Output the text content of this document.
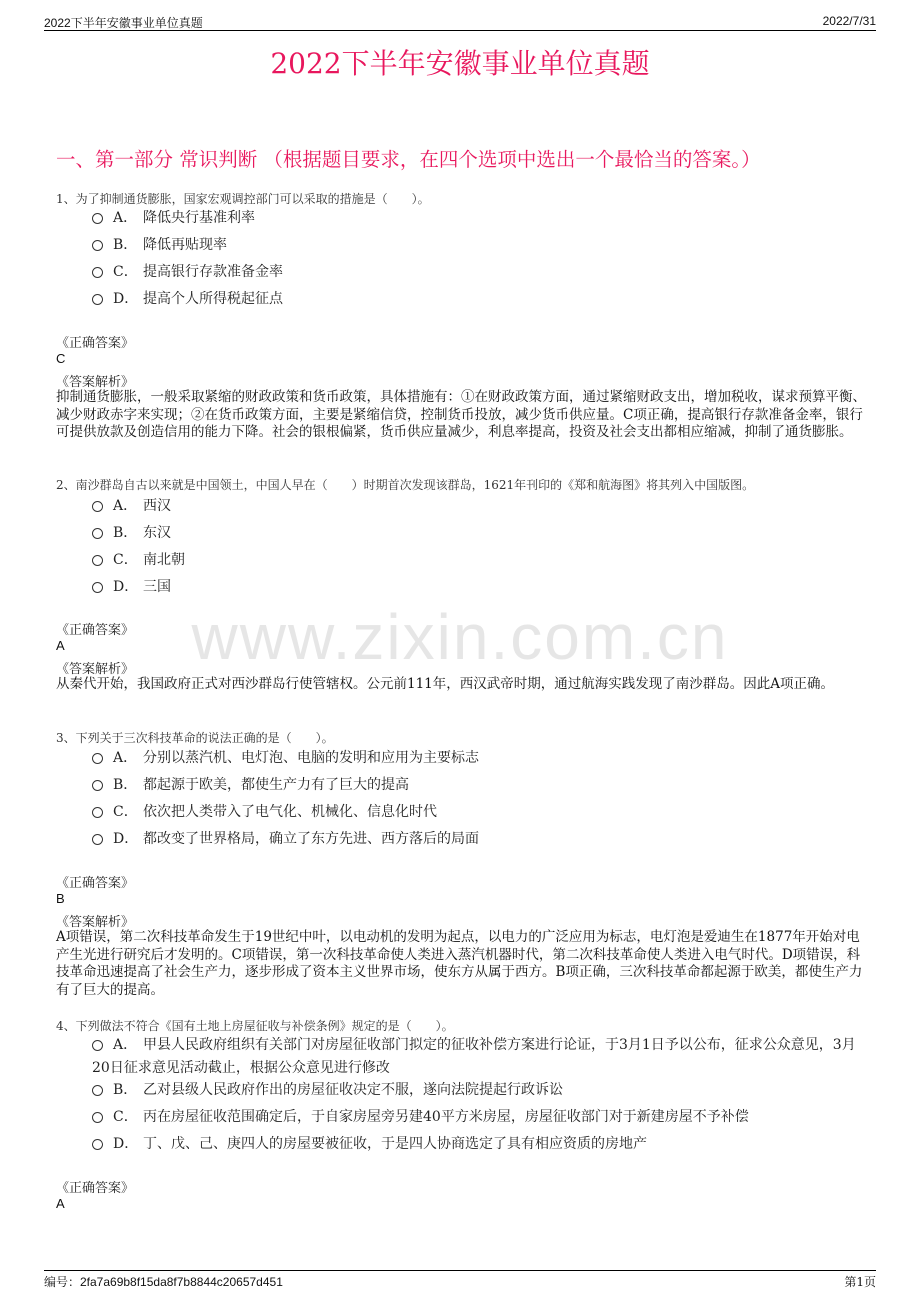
2022下半年安徽事业单位真题	2022/7/31
www.zixin.com.cn
2022下半年安徽事业单位真题
一、第一部分 常识判断 （根据题目要求，在四个选项中选出一个最恰当的答案。）
1、为了抑制通货膨胀，国家宏观调控部门可以采取的措施是（　　）。
A． 降低央行基准利率
B． 降低再贴现率
C． 提高银行存款准备金率
D． 提高个人所得税起征点
《正确答案》
C
《答案解析》
抑制通货膨胀，一般采取紧缩的财政政策和货币政策，具体措施有：①在财政政策方面，通过紧缩财政支出，增加税收，谋求预算平衡、减少财政赤字来实现；②在货币政策方面，主要是紧缩信贷，控制货币投放，减少货币供应量。C项正确，提高银行存款准备金率，银行可提供放款及创造信用的能力下降。社会的银根偏紧，货币供应量减少，利息率提高，投资及社会支出都相应缩减，抑制了通货膨胀。
2、南沙群岛自古以来就是中国领土，中国人早在（　　）时期首次发现该群岛，1621年刊印的《郑和航海图》将其列入中国版图。
A． 西汉
B． 东汉
C． 南北朝
D． 三国
《正确答案》
A
《答案解析》
从秦代开始，我国政府正式对西沙群岛行使管辖权。公元前111年，西汉武帝时期，通过航海实践发现了南沙群岛。因此A项正确。
3、下列关于三次科技革命的说法正确的是（　　）。
A． 分别以蒸汽机、电灯泡、电脑的发明和应用为主要标志
B． 都起源于欧美，都使生产力有了巨大的提高
C． 依次把人类带入了电气化、机械化、信息化时代
D． 都改变了世界格局，确立了东方先进、西方落后的局面
《正确答案》
B
《答案解析》
A项错误，第二次科技革命发生于19世纪中叶，以电动机的发明为起点，以电力的广泛应用为标志，电灯泡是爱迪生在1877年开始对电产生光进行研究后才发明的。C项错误，第一次科技革命使人类进入蒸汽机器时代，第二次科技革命使人类进入电气时代。D项错误，科技革命迅速提高了社会生产力，逐步形成了资本主义世界市场，使东方从属于西方。B项正确，三次科技革命都起源于欧美，都使生产力有了巨大的提高。
4、下列做法不符合《国有土地上房屋征收与补偿条例》规定的是（　　）。
A． 甲县人民政府组织有关部门对房屋征收部门拟定的征收补偿方案进行论证，于3月1日予以公布，征求公众意见，3月20日征求意见活动截止，根据公众意见进行修改
B． 乙对县级人民政府作出的房屋征收决定不服，遂向法院提起行政诉讼
C． 丙在房屋征收范围确定后，于自家房屋旁另建40平方米房屋，房屋征收部门对于新建房屋不予补偿
D． 丁、戊、己、庚四人的房屋要被征收，于是四人协商选定了具有相应资质的房地产
《正确答案》
A
编号：2fa7a69b8f15da8f7b8844c20657d451	第1页
